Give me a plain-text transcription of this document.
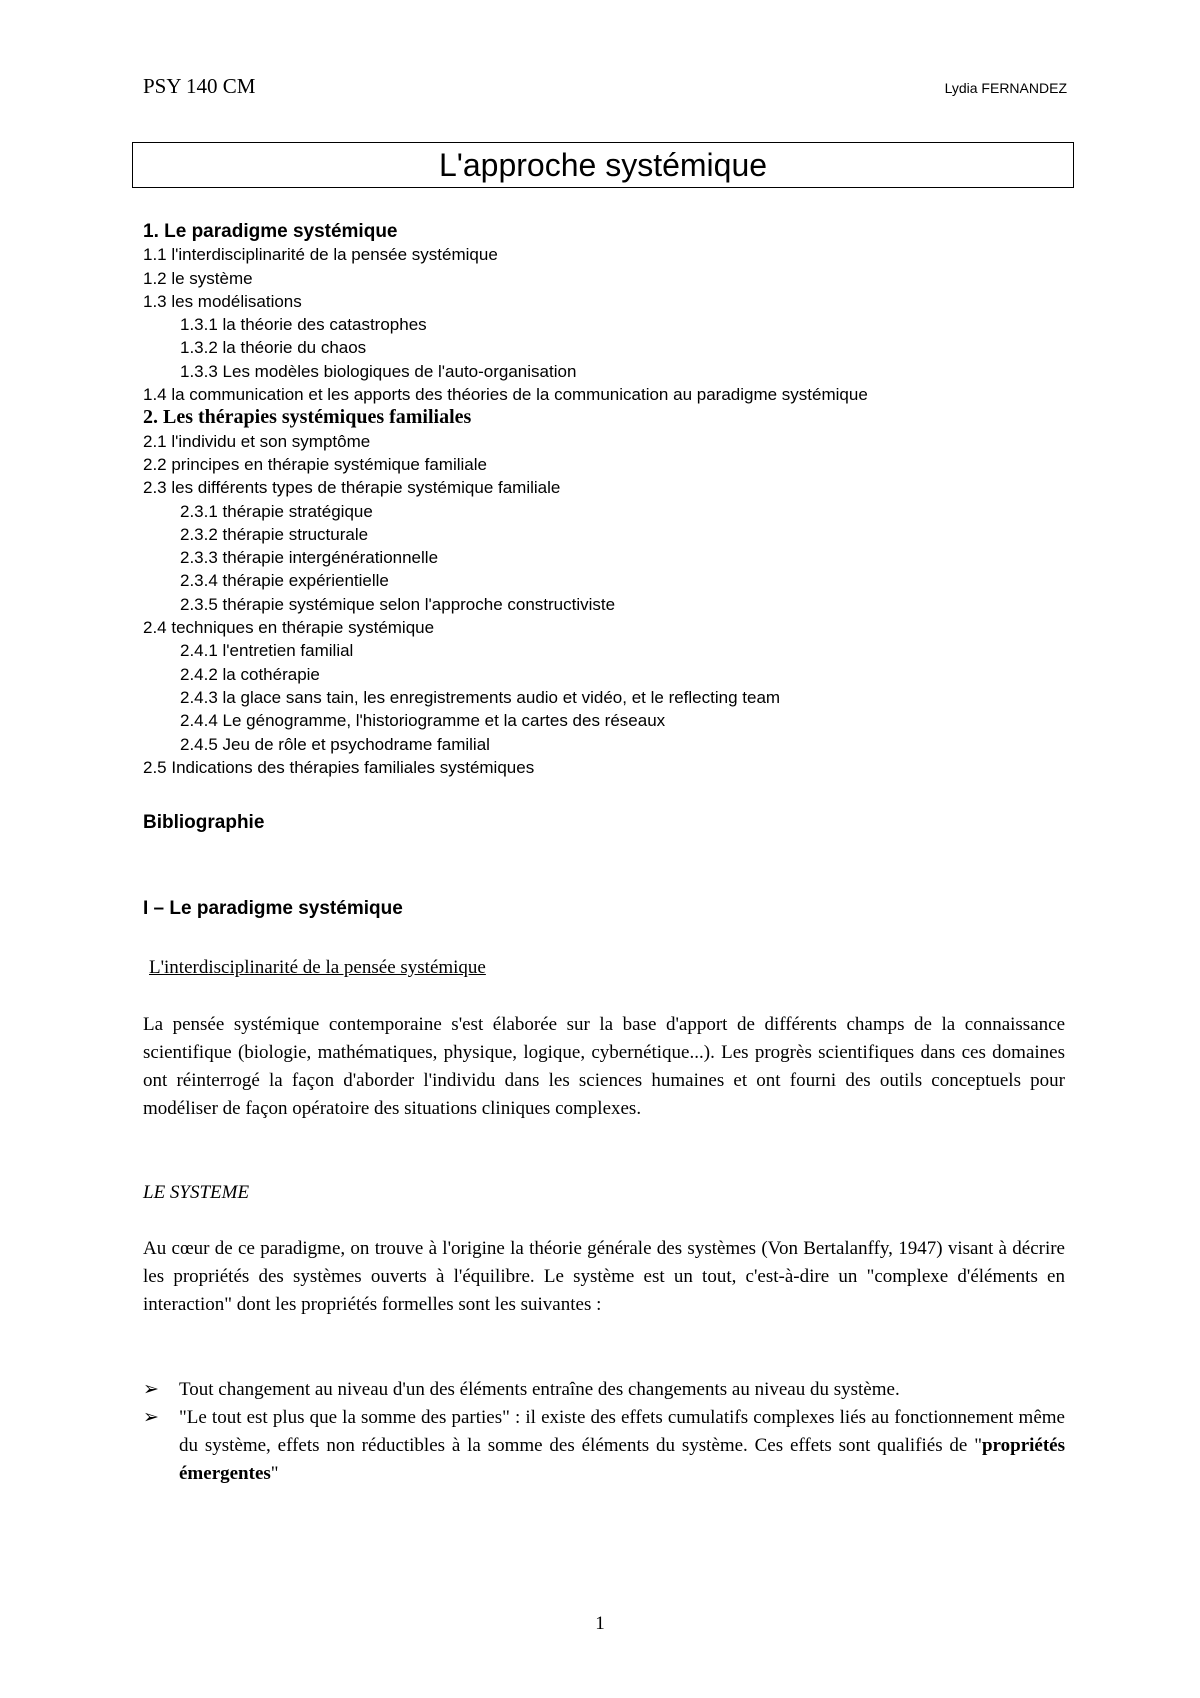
PSY 140 CM	Lydia FERNANDEZ
L'approche systémique
1. Le paradigme systémique
1.1 l'interdisciplinarité de la pensée systémique
1.2 le système
1.3 les modélisations
1.3.1 la théorie des catastrophes
1.3.2 la théorie du chaos
1.3.3 Les modèles biologiques de l'auto-organisation
1.4 la communication et les apports des théories de la communication au paradigme systémique
2. Les thérapies systémiques familiales
2.1 l'individu et son symptôme
2.2 principes en thérapie systémique familiale
2.3 les différents types de thérapie systémique familiale
2.3.1 thérapie stratégique
2.3.2 thérapie structurale
2.3.3 thérapie intergénérationnelle
2.3.4 thérapie expérientielle
2.3.5 thérapie systémique selon l'approche constructiviste
2.4 techniques en thérapie systémique
2.4.1 l'entretien familial
2.4.2 la cothérapie
2.4.3 la glace sans tain, les enregistrements audio et vidéo, et le reflecting team
2.4.4 Le génogramme, l'historiogramme et la cartes des réseaux
2.4.5 Jeu de rôle et psychodrame familial
2.5 Indications des thérapies familiales systémiques
Bibliographie
I – Le paradigme systémique
L'interdisciplinarité de la pensée systémique

La pensée systémique contemporaine s'est élaborée sur la base d'apport de différents champs de la connaissance scientifique (biologie, mathématiques, physique, logique, cybernétique...). Les progrès scientifiques dans ces domaines ont réinterrogé la façon d'aborder l'individu dans les sciences humaines et ont fourni des outils conceptuels pour modéliser de façon opératoire des situations cliniques complexes.

LE SYSTEME

Au cœur de ce paradigme, on trouve à l'origine la théorie générale des systèmes (Von Bertalanffy, 1947) visant à décrire les propriétés des systèmes ouverts à l'équilibre. Le système est un tout, c'est-à-dire un "complexe d'éléments en interaction" dont les propriétés formelles sont les suivantes :

➢	Tout changement au niveau d'un des éléments entraîne des changements au niveau du système.
➢	"Le tout est plus que la somme des parties" : il existe des effets cumulatifs complexes liés au fonctionnement même du système, effets non réductibles à la somme des éléments du système. Ces effets sont qualifiés de "propriétés émergentes"
1
